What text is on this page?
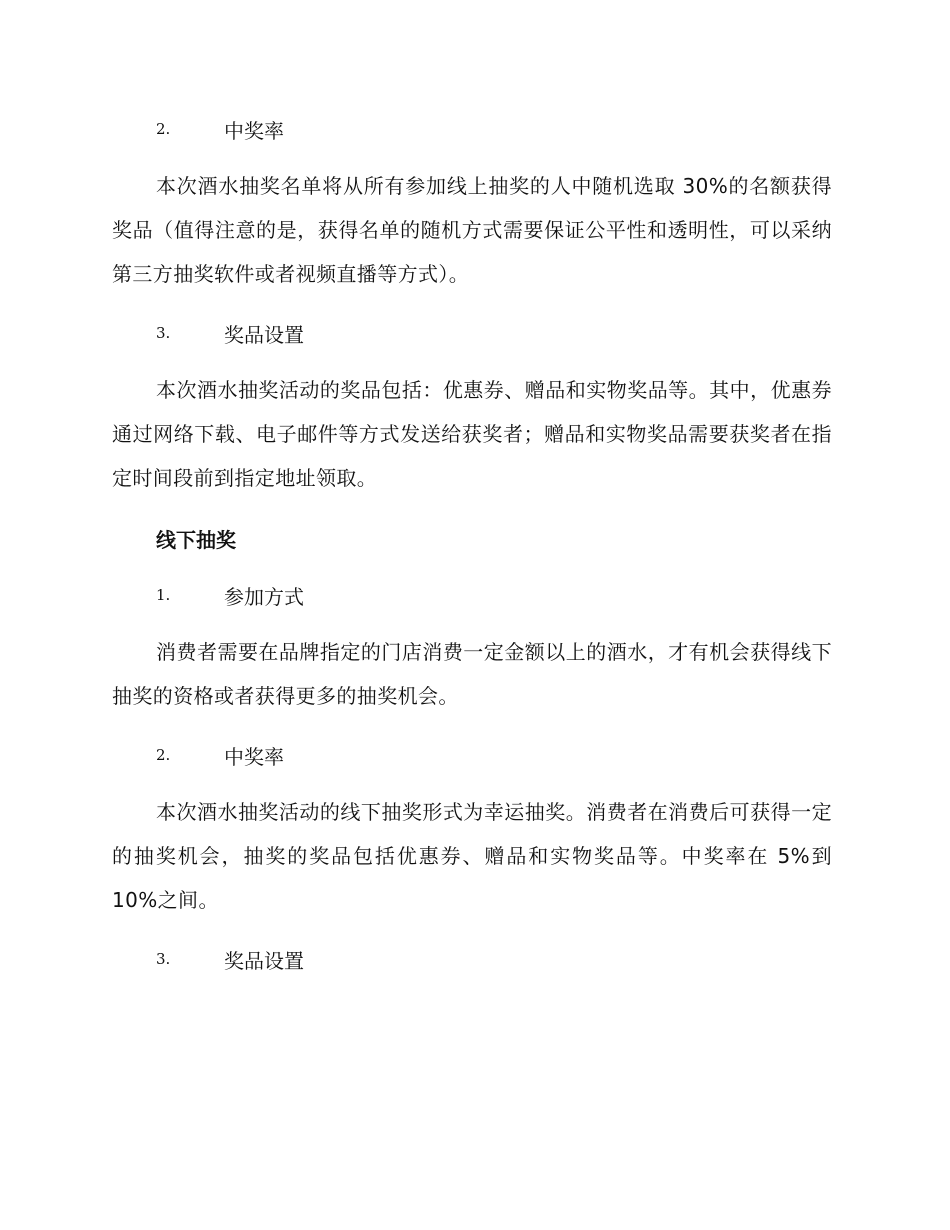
2.	中奖率

本次酒水抽奖名单将从所有参加线上抽奖的人中随机选取 30%的名额获得奖品（值得注意的是，获得名单的随机方式需要保证公平性和透明性，可以采纳第三方抽奖软件或者视频直播等方式）。

3.	奖品设置

本次酒水抽奖活动的奖品包括：优惠券、赠品和实物奖品等。其中，优惠券通过网络下载、电子邮件等方式发送给获奖者；赠品和实物奖品需要获奖者在指定时间段前到指定地址领取。

线下抽奖
1.	参加方式

消费者需要在品牌指定的门店消费一定金额以上的酒水，才有机会获得线下抽奖的资格或者获得更多的抽奖机会。

2.	中奖率

本次酒水抽奖活动的线下抽奖形式为幸运抽奖。消费者在消费后可获得一定的抽奖机会，抽奖的奖品包括优惠券、赠品和实物奖品等。中奖率在 5%到 10%之间。

3.	奖品设置
